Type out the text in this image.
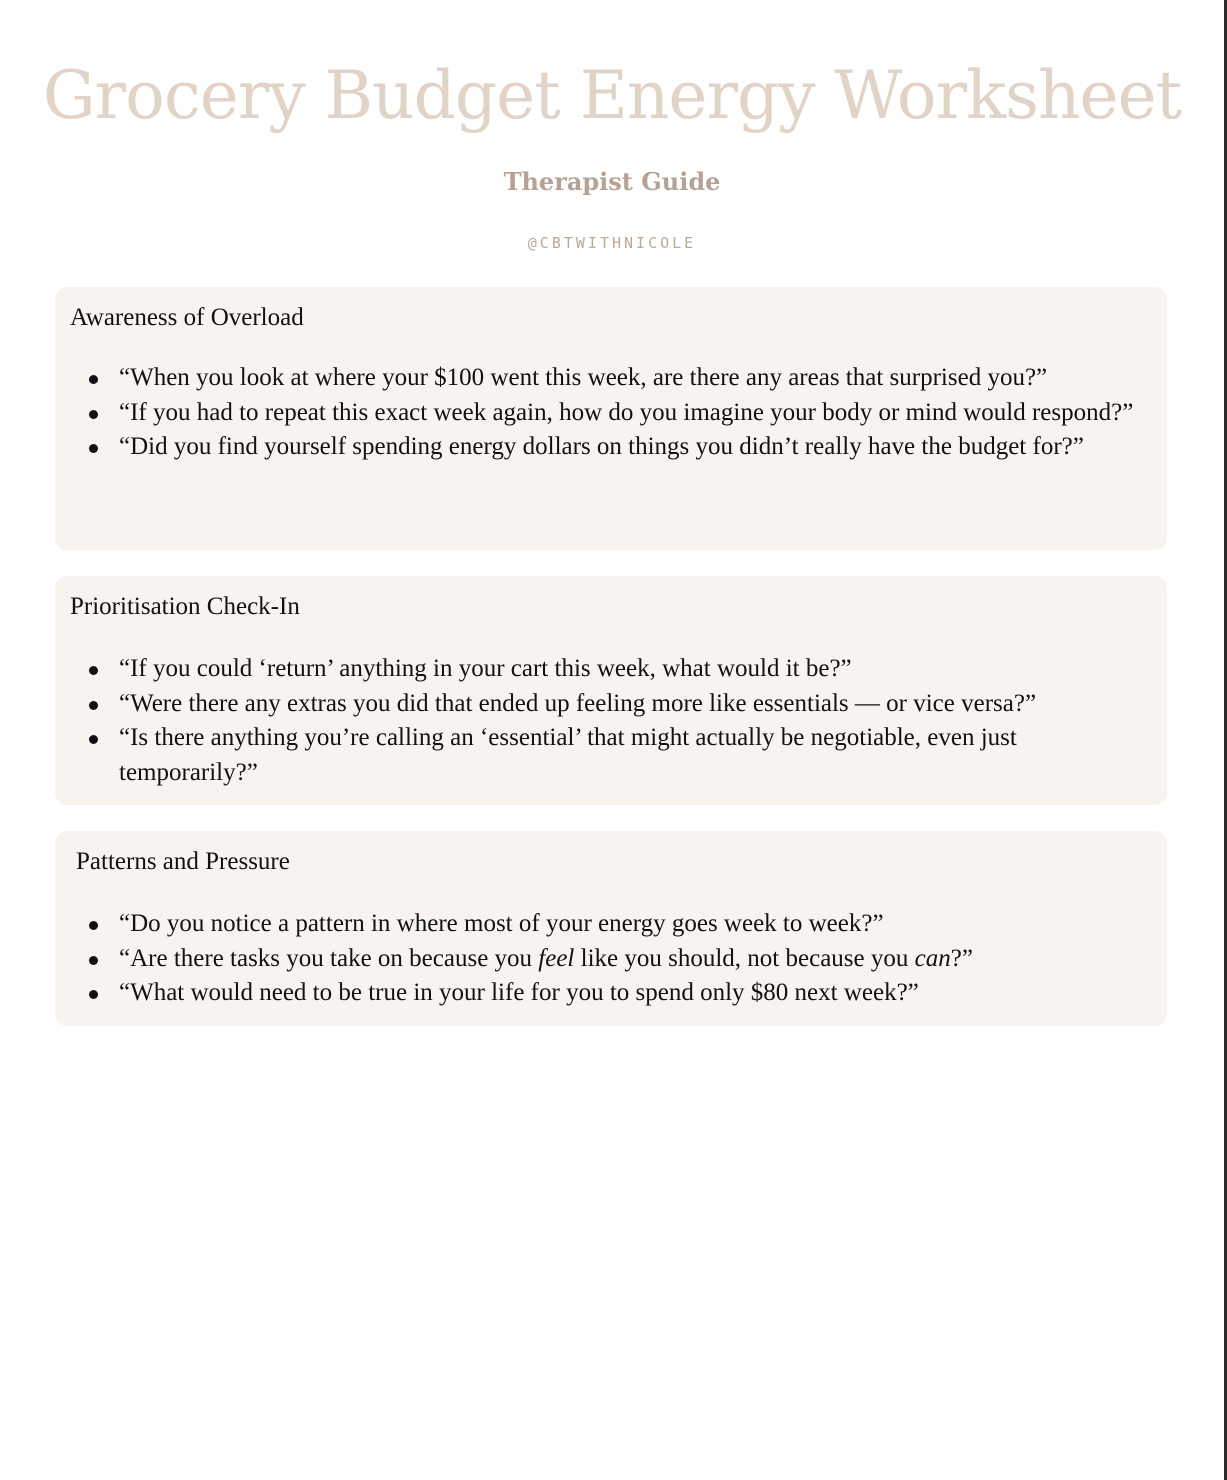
Grocery Budget Energy Worksheet
Therapist Guide
@CBTWITHNICOLE
Awareness of Overload
“When you look at where your $100 went this week, are there any areas that surprised you?”
“If you had to repeat this exact week again, how do you imagine your body or mind would respond?”
“Did you find yourself spending energy dollars on things you didn’t really have the budget for?”
Prioritisation Check-In
“If you could ‘return’ anything in your cart this week, what would it be?”
“Were there any extras you did that ended up feeling more like essentials — or vice versa?”
“Is there anything you’re calling an ‘essential’ that might actually be negotiable, even just temporarily?”
Patterns and Pressure
“Do you notice a pattern in where most of your energy goes week to week?”
“Are there tasks you take on because you feel like you should, not because you can?”
“What would need to be true in your life for you to spend only $80 next week?”
